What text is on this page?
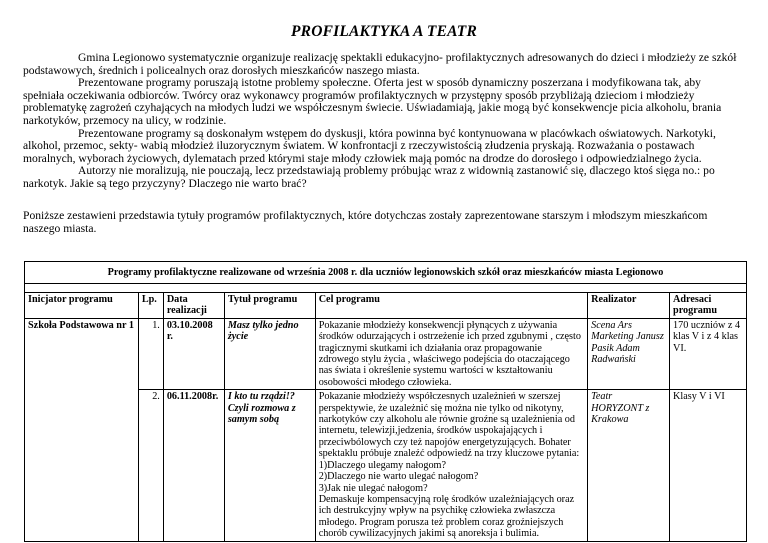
PROFILAKTYKA A TEATR

Gmina Legionowo systematycznie organizuje realizację spektakli edukacyjno- profilaktycznych adresowanych do dzieci i młodzieży ze szkół podstawowych, średnich i policealnych oraz dorosłych mieszkańców naszego miasta.

Prezentowane programy poruszają istotne problemy społeczne. Oferta jest w sposób dynamiczny poszerzana i modyfikowana tak, aby spełniała oczekiwania odbiorców. Twórcy oraz wykonawcy programów profilaktycznych w przystępny sposób przybliżają dzieciom i młodzieży problematykę zagrożeń czyhających na młodych ludzi we współczesnym świecie. Uświadamiają, jakie mogą być konsekwencje picia alkoholu, brania narkotyków, przemocy na ulicy, w rodzinie.

Prezentowane programy są doskonałym wstępem do dyskusji, która powinna być kontynuowana w placówkach oświatowych. Narkotyki, alkohol, przemoc, sekty- wabią młodzież iluzorycznym światem. W konfrontacji z rzeczywistością złudzenia pryskają. Rozważania o postawach moralnych, wyborach życiowych, dylematach przed którymi staje młody człowiek mają pomóc na drodze do dorosłego i odpowiedzialnego życia.

Autorzy nie moralizują, nie pouczają, lecz przedstawiają problemy próbując wraz z widownią zastanowić się, dlaczego ktoś sięga no.: po narkotyk. Jakie są tego przyczyny? Dlaczego nie warto brać?

Poniższe zestawieni przedstawia tytuły programów profilaktycznych, które dotychczas zostały zaprezentowane starszym i młodszym mieszkańcom naszego miasta.

Programy profilaktyczne realizowane od września 2008 r. dla uczniów legionowskich szkół oraz mieszkańców miasta Legionowo						

Inicjator programu	Lp.	Data realizacji	Tytuł programu	Cel programu	Realizator	Adresaci programu
Szkoła Podstawowa nr 1	1.	03.10.2008 r.	Masz tylko jedno życie	Pokazanie młodzieży konsekwencji płynących z używania środków odurzających i ostrzeżenie ich przed zgubnymi , często tragicznymi skutkami ich działania oraz propagowanie zdrowego stylu życia , właściwego podejścia do otaczającego nas świata i określenie systemu wartości w kształtowaniu osobowości młodego człowieka.	Scena Ars Marketing Janusz Pasik Adam Radwański	170 uczniów z 4 klas V i z 4 klas VI.
	2.	06.11.2008r.	I kto tu rządzi!? Czyli rozmowa z samym sobą	Pokazanie młodzieży współczesnych uzależnień w szerszej perspektywie, że uzależnić się można nie tylko od nikotyny, narkotyków czy alkoholu ale równie groźne są uzależnienia od internetu, telewizji,jedzenia, środków uspokajających i przeciwbólowych czy też napojów energetyzujących. Bohater spektaklu próbuje znaleźć odpowiedź na trzy kluczowe pytania:
1)Dlaczego ulegamy nałogom?
2)Dlaczego nie warto ulegać nałogom?
3)Jak nie ulegać nałogom?
Demaskuje kompensacyjną rolę środków uzależniających oraz ich destrukcyjny wpływ na psychikę człowieka zwłaszcza młodego. Program porusza też problem coraz groźniejszych chorób cywilizacyjnych jakimi są anoreksja i bulimia.	Teatr HORYZONT z Krakowa	Klasy V i VI
